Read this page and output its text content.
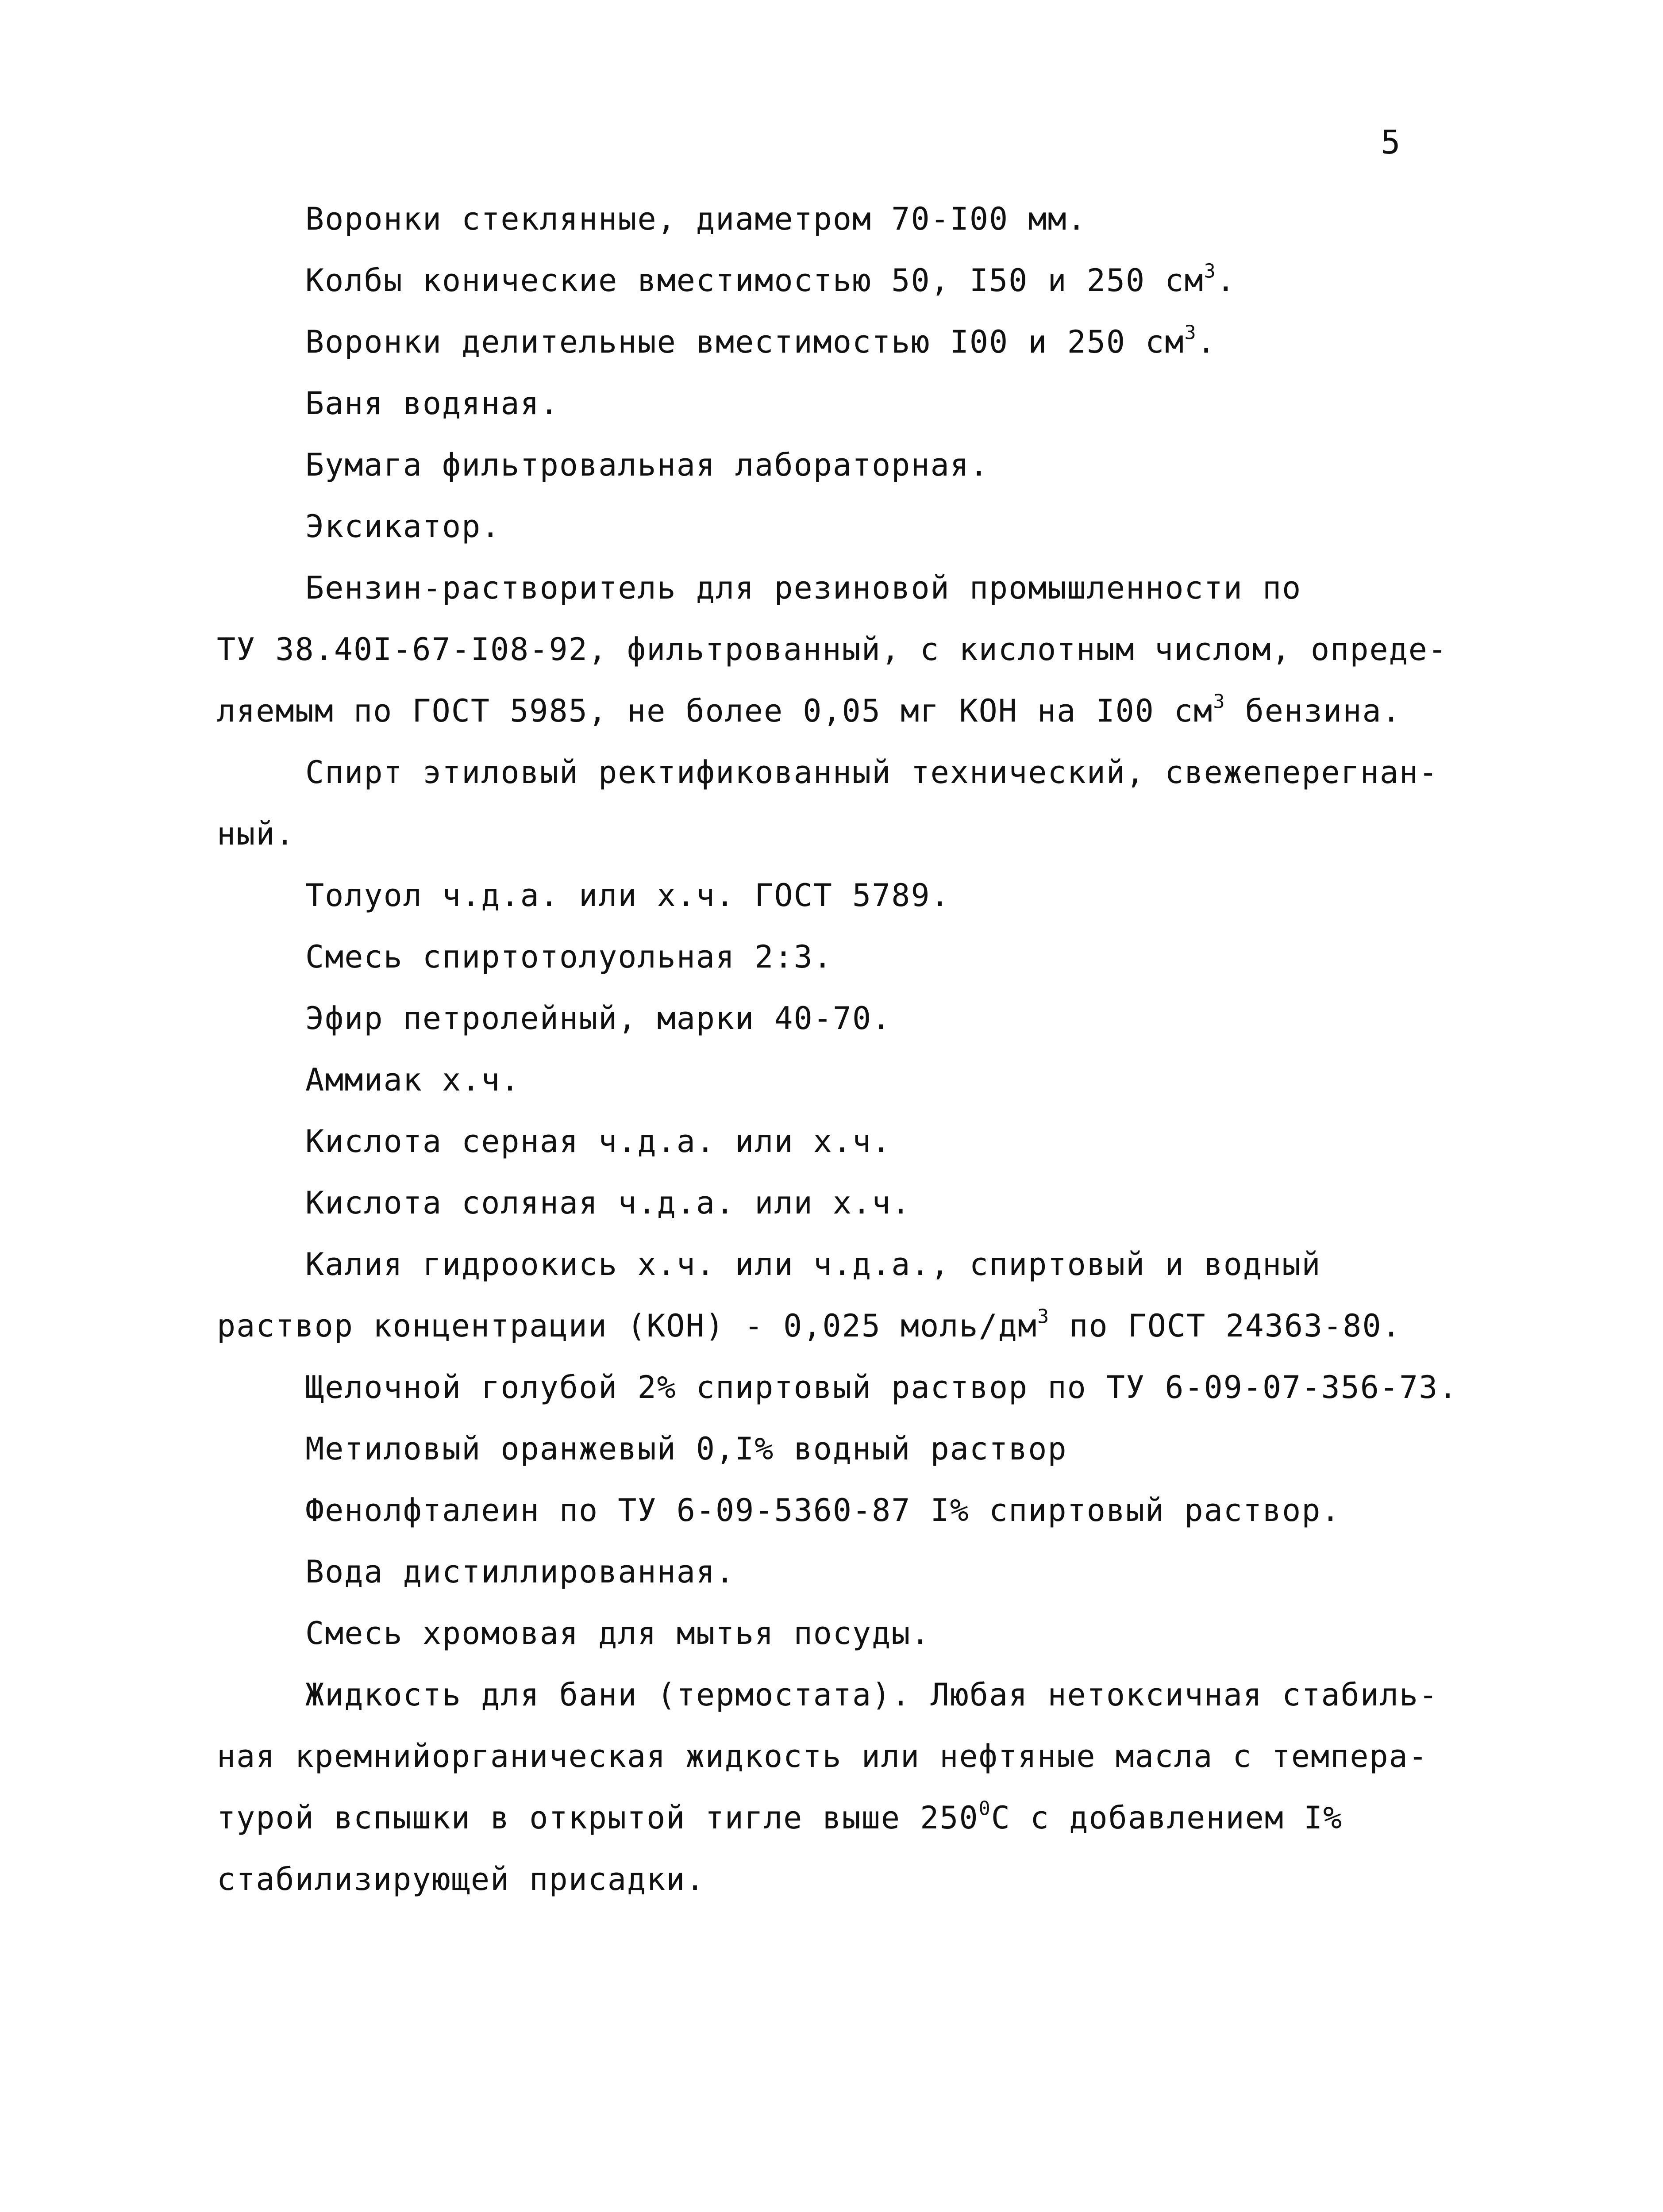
5
Воронки стеклянные, диаметром 70-I00 мм.
Колбы конические вместимостью 50, I50 и 250 $см^3$.
Воронки делительные вместимостью I00 и 250 $см^3$.
Баня водяная.
Бумага фильтровальная лабораторная.
Эксикатор.
Бензин-растворитель для резиновой промышленности по
ТУ 38.40I-67-I08-92, фильтрованный, с кислотным числом, опреде-
ляемым по ГОСТ 5985, не более 0,05 мг КОН на I00 $см^3$ бензина.
Спирт этиловый ректификованный технический, свежеперегнан-
ный.
Толуол ч.д.а. или х.ч. ГОСТ 5789.
Смесь спиртотолуольная 2:3.
Эфир петролейный, марки 40-70.
Аммиак х.ч.
Кислота серная ч.д.а. или х.ч.
Кислота соляная ч.д.а. или х.ч.
Калия гидроокись х.ч. или ч.д.а., спиртовый и водный
раствор концентрации (КОН) - 0,025 моль/$дм^3$ по ГОСТ 24363-80.
Щелочной голубой 2% спиртовый раствор по ТУ 6-09-07-356-73.
Метиловый оранжевый 0,I% водный раствор
Фенолфталеин по ТУ 6-09-5360-87 I% спиртовый раствор.
Вода дистиллированная.
Смесь хромовая для мытья посуды.
Жидкость для бани (термостата). Любая нетоксичная стабиль-
ная кремнийорганическая жидкость или нефтяные масла с темпера-
турой вспышки в открытой тигле выше $250^0С$ с добавлением I%
стабилизирующей присадки.
